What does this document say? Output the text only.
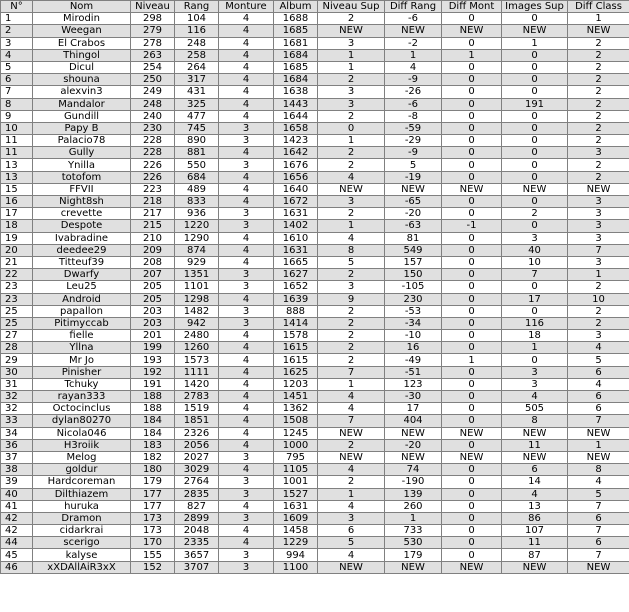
N°	Nom	Niveau	Rang	Monture	Album	Niveau Sup	Diff Rang	Diff Mont	Images Sup	Diff Class
1	Mirodin	298	104	4	1688	2	-6	0	0	1
2	Weegan	279	116	4	1685	NEW	NEW	NEW	NEW	NEW
3	El Crabos	278	248	4	1681	3	-2	0	1	2
4	Thingol	263	258	4	1684	1	1	1	0	2
5	Dicul	254	264	4	1685	1	4	0	0	2
6	shouna	250	317	4	1684	2	-9	0	0	2
7	alexvin3	249	431	4	1638	3	-26	0	0	2
8	Mandalor	248	325	4	1443	3	-6	0	191	2
9	Gundill	240	477	4	1644	2	-8	0	0	2
10	Papy B	230	745	3	1658	0	-59	0	0	2
11	Palacio78	228	890	3	1423	1	-29	0	0	2
11	Gully	228	881	4	1642	2	-9	0	0	3
13	Ynilla	226	550	3	1676	2	5	0	0	2
13	totofom	226	684	4	1656	4	-19	0	0	2
15	FFVII	223	489	4	1640	NEW	NEW	NEW	NEW	NEW
16	Night8sh	218	833	4	1672	3	-65	0	0	3
17	crevette	217	936	3	1631	2	-20	0	2	3
18	Despote	215	1220	3	1402	1	-63	-1	0	3
19	Ivabradine	210	1290	4	1610	4	81	0	3	3
20	deedee29	209	874	4	1631	8	549	0	40	7
21	Titteuf39	208	929	4	1665	5	157	0	10	3
22	Dwarfy	207	1351	3	1627	2	150	0	7	1
23	Leu25	205	1101	3	1652	3	-105	0	0	2
23	Android	205	1298	4	1639	9	230	0	17	10
25	papallon	203	1482	3	888	2	-53	0	0	2
25	Pitimyccab	203	942	3	1414	2	-34	0	116	2
27	fielle	201	2480	4	1578	2	-10	0	18	3
28	Yllna	199	1260	4	1615	2	16	0	1	4
29	Mr Jo	193	1573	4	1615	2	-49	1	0	5
30	Pinisher	192	1111	4	1625	7	-51	0	3	6
31	Tchuky	191	1420	4	1203	1	123	0	3	4
32	rayan333	188	2783	4	1451	4	-30	0	4	6
32	Octocinclus	188	1519	4	1362	4	17	0	505	6
33	dylan80270	184	1851	4	1508	7	404	0	8	7
34	Nicola046	184	2326	4	1245	NEW	NEW	NEW	NEW	NEW
36	H3roiik	183	2056	4	1000	2	-20	0	11	1
37	Melog	182	2027	3	795	NEW	NEW	NEW	NEW	NEW
38	goldur	180	3029	4	1105	4	74	0	6	8
39	Hardcoreman	179	2764	3	1001	2	-190	0	14	4
40	Dilthiazem	177	2835	3	1527	1	139	0	4	5
41	huruka	177	827	4	1631	4	260	0	13	7
42	Dramon	173	2899	3	1609	3	1	0	86	6
42	cidarkrai	173	2048	4	1458	6	733	0	107	7
44	scerigo	170	2335	4	1229	5	530	0	11	6
45	kalyse	155	3657	3	994	4	179	0	87	7
46	xXDAllAiR3xX	152	3707	3	1100	NEW	NEW	NEW	NEW	NEW
